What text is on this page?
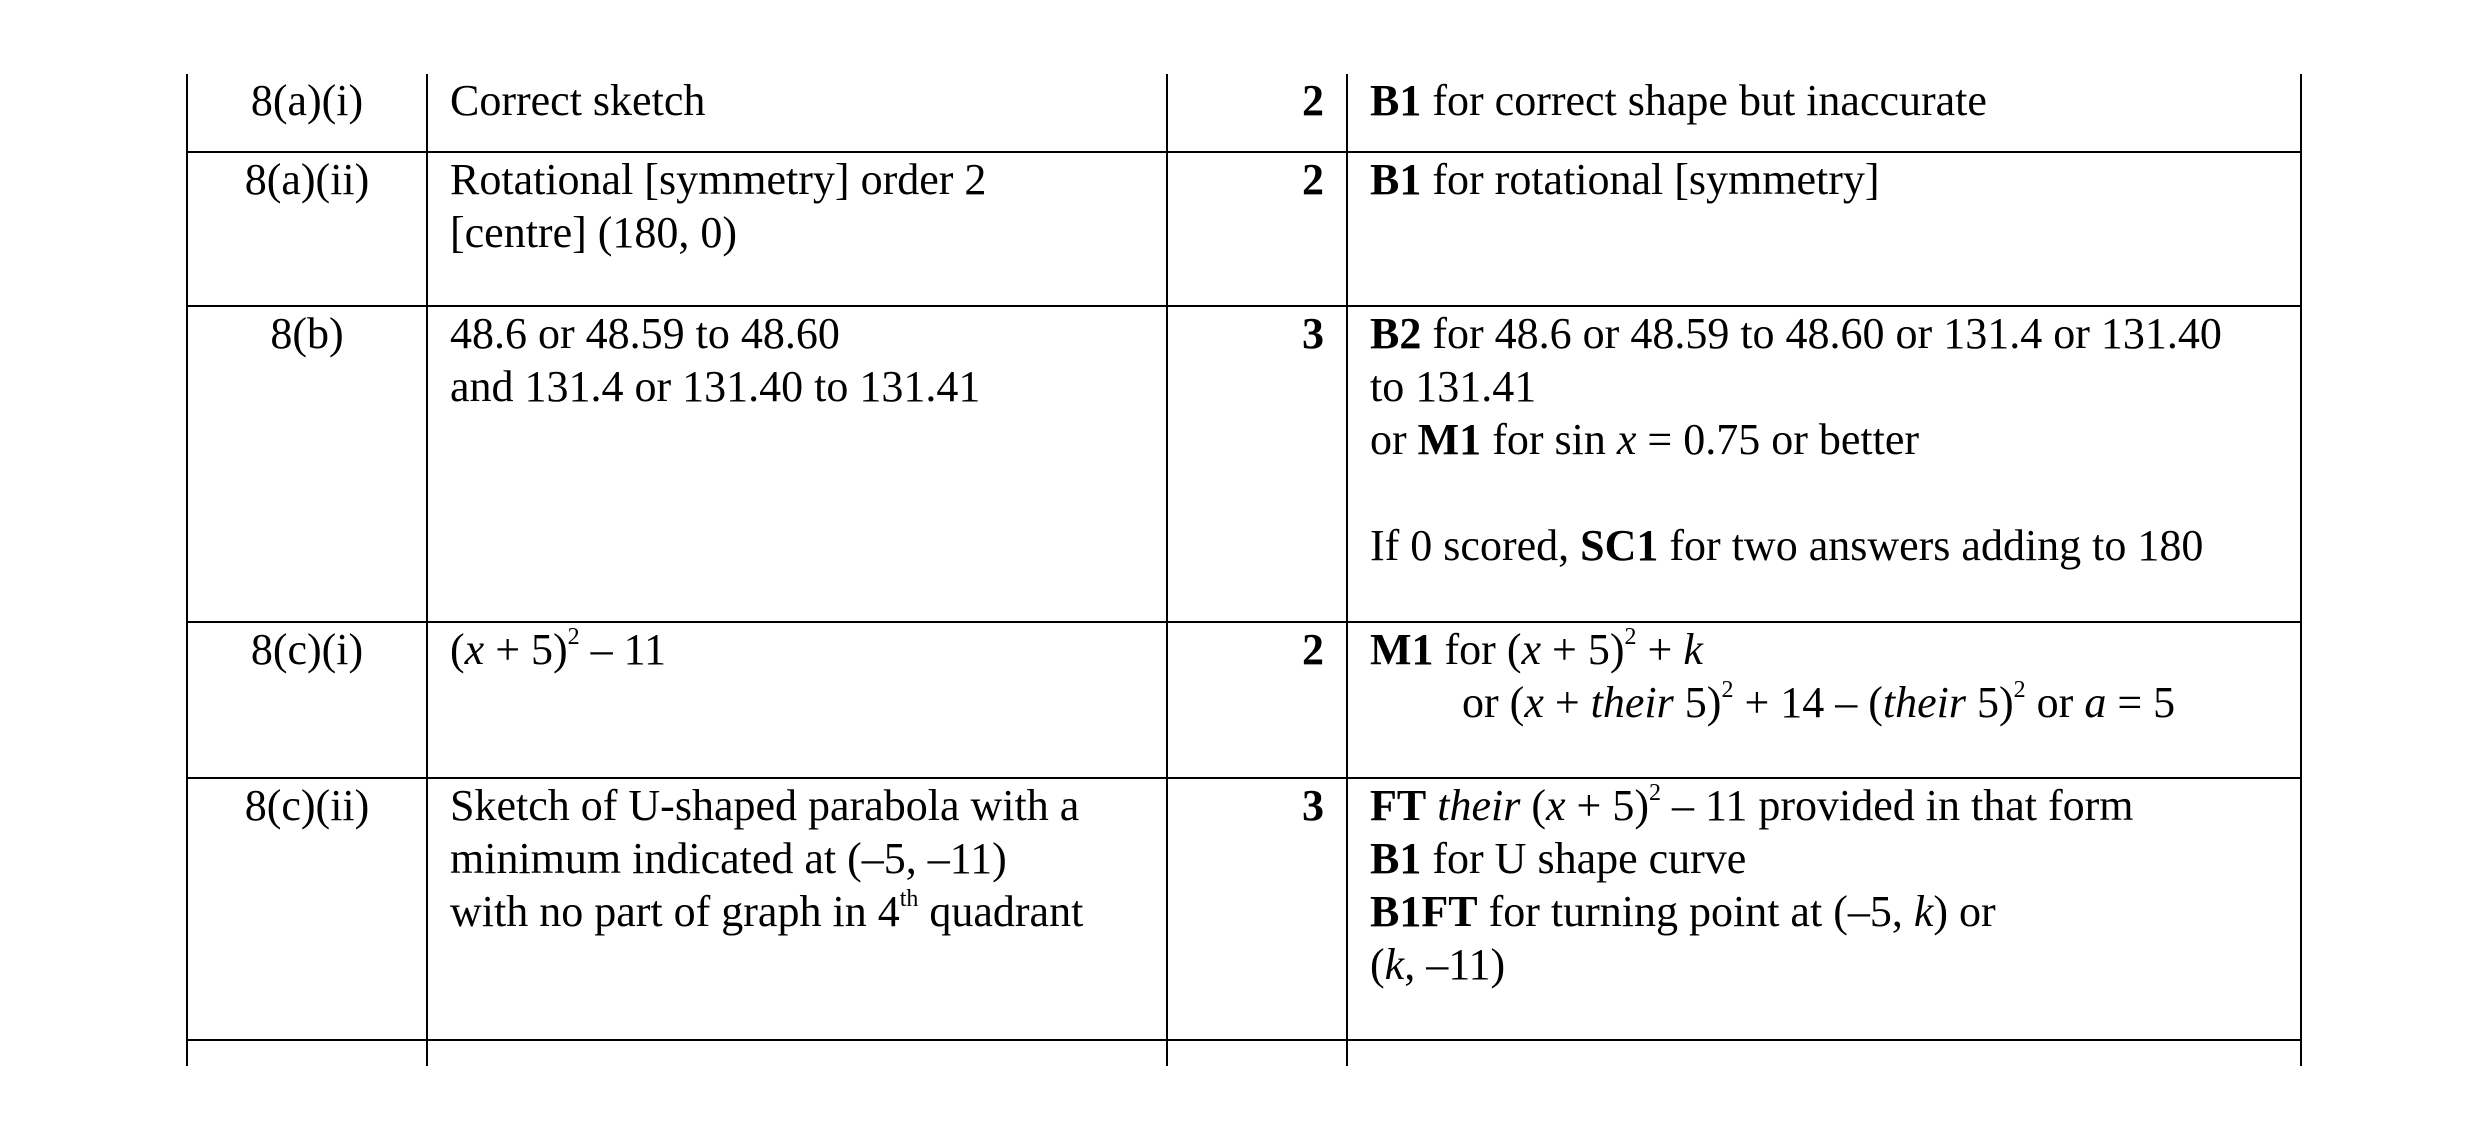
8(a)(i)	Correct sketch	2	B1 for correct shape but inaccurate

8(a)(ii)	Rotational [symmetry] order 2
[centre] (180, 0)	2	B1 for rotational [symmetry]

8(b)	48.6 or 48.59 to 48.60
and 131.4 or 131.40 to 131.41	3	B2 for 48.6 or 48.59 to 48.60 or 131.4 or 131.40
to 131.41
or M1 for sin x = 0.75 or better
If 0 scored, SC1 for two answers adding to 180

8(c)(i)	$(x + 5)^2 - 11$	2	M1 for $(x + 5)^2 + k$
or (x + their 5)$^2$ + 14 – (their 5)$^2$ or a = 5

8(c)(ii)	Sketch of U-shaped parabola with a
minimum indicated at (–5, –11)
with no part of graph in 4th quadrant	3	FT their $(x + 5)^2 - 11$ provided in that form
B1 for U shape curve
B1FT for turning point at (–5, k) or
(k, –11)
